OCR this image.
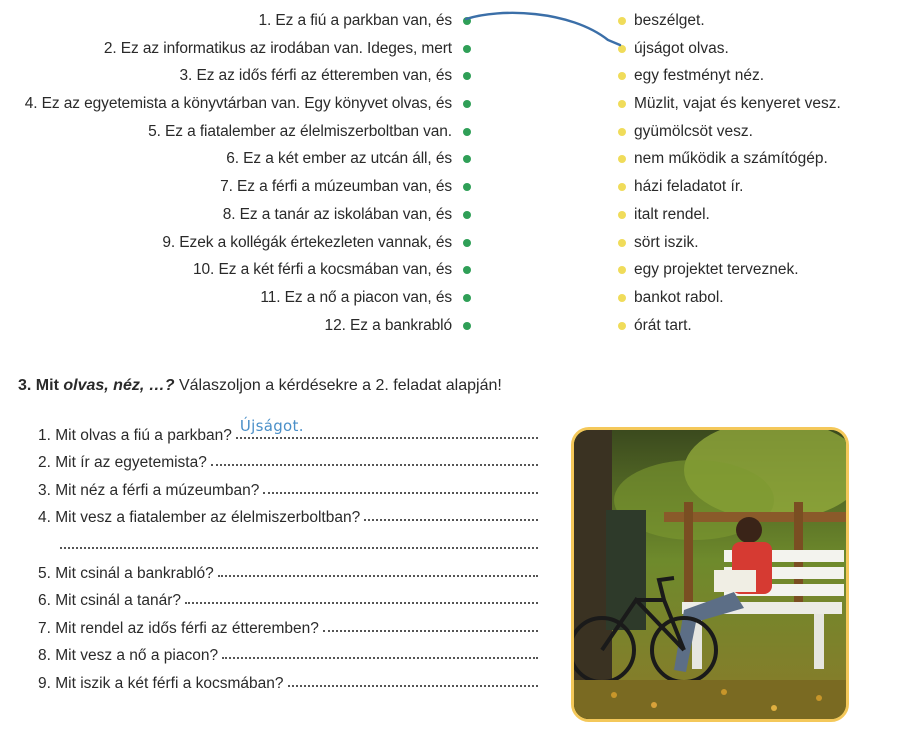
1. Ez a fiú a parkban van, és
2. Ez az informatikus az irodában van. Ideges, mert
3. Ez az idős férfi az étteremben van, és
4. Ez az egyetemista a könyvtárban van. Egy könyvet olvas, és
5. Ez a fiatalember az élelmiszerboltban van.
6. Ez a két ember az utcán áll, és
7. Ez a férfi a múzeumban van, és
8. Ez a tanár az iskolában van, és
9. Ezek a kollégák értekezleten vannak, és
10. Ez a két férfi a kocsmában van, és
11. Ez a nő a piacon van, és
12. Ez a bankrabló
beszélget.
újságot olvas.
egy festményt néz.
Müzlit, vajat és kenyeret vesz.
gyümölcsöt vesz.
nem működik a számítógép.
házi feladatot ír.
italt rendel.
sört iszik.
egy projektet terveznek.
bankot rabol.
órát tart.
3. Mit olvas, néz, …? Válaszoljon a kérdésekre a 2. feladat alapján!
1. Mit olvas a fiú a parkban?
Újságot.
2. Mit ír az egyetemista?
3. Mit néz a férfi a múzeumban?
4. Mit vesz a fiatalember az élelmiszerboltban?
5. Mit csinál a bankrabló?
6. Mit csinál a tanár?
7. Mit rendel az idős férfi az étteremben?
8. Mit vesz a nő a piacon?
9. Mit iszik a két férfi a kocsmában?
